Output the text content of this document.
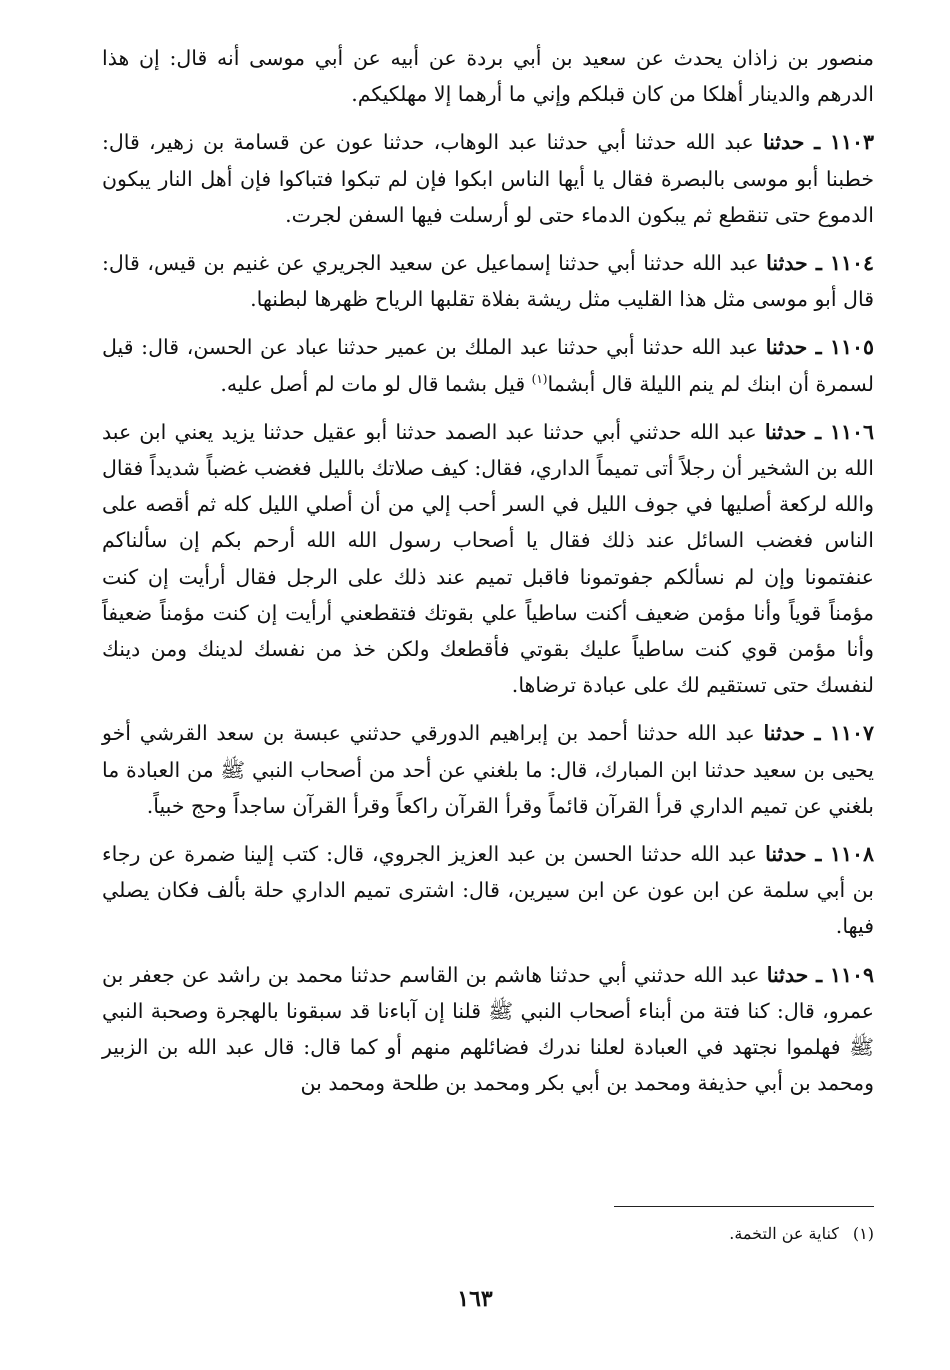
منصور بن زاذان يحدث عن سعيد بن أبي بردة عن أبيه عن أبي موسى أنه قال: إن هذا الدرهم والدينار أهلكا من كان قبلكم وإني ما أرهما إلا مهلكيكم.

١١٠٣ ـ حدثنا عبد الله حدثنا أبي حدثنا عبد الوهاب، حدثنا عون عن قسامة بن زهير، قال: خطبنا أبو موسى بالبصرة فقال يا أيها الناس ابكوا فإن لم تبكوا فتباكوا فإن أهل النار يبكون الدموع حتى تنقطع ثم يبكون الدماء حتى لو أرسلت فيها السفن لجرت.

١١٠٤ ـ حدثنا عبد الله حدثنا أبي حدثنا إسماعيل عن سعيد الجريري عن غنيم بن قيس، قال: قال أبو موسى مثل هذا القليب مثل ريشة بفلاة تقلبها الرياح ظهرها لبطنها.

١١٠٥ ـ حدثنا عبد الله حدثنا أبي حدثنا عبد الملك بن عمير حدثنا عباد عن الحسن، قال: قيل لسمرة أن ابنك لم ينم الليلة قال أبشما$^{(١)}$ قيل بشما قال لو مات لم أصل عليه.

١١٠٦ ـ حدثنا عبد الله حدثني أبي حدثنا عبد الصمد حدثنا أبو عقيل حدثنا يزيد يعني ابن عبد الله بن الشخير أن رجلاً أتى تميماً الداري، فقال: كيف صلاتك بالليل فغضب غضباً شديداً فقال والله لركعة أصليها في جوف الليل في السر أحب إلي من أن أصلي الليل كله ثم أقصه على الناس فغضب السائل عند ذلك فقال يا أصحاب رسول الله الله أرحم بكم إن سألناكم عنفتمونا وإن لم نسألكم جفوتمونا فاقبل تميم عند ذلك على الرجل فقال أرأيت إن كنت مؤمناً قوياً وأنا مؤمن ضعيف أكنت ساطياً علي بقوتك فتقطعني أرأيت إن كنت مؤمناً ضعيفاً وأنا مؤمن قوي كنت ساطياً عليك بقوتي فأقطعك ولكن خذ من نفسك لدينك ومن دينك لنفسك حتى تستقيم لك على عبادة ترضاها.

١١٠٧ ـ حدثنا عبد الله حدثنا أحمد بن إبراهيم الدورقي حدثني عبسة بن سعد القرشي أخو يحيى بن سعيد حدثنا ابن المبارك، قال: ما بلغني عن أحد من أصحاب النبي ﷺ من العبادة ما بلغني عن تميم الداري قرأ القرآن قائماً وقرأ القرآن راكعاً وقرأ القرآن ساجداً وحج خبياً.

١١٠٨ ـ حدثنا عبد الله حدثنا الحسن بن عبد العزيز الجروي، قال: كتب إلينا ضمرة عن رجاء بن أبي سلمة عن ابن عون عن ابن سيرين، قال: اشترى تميم الداري حلة بألف فكان يصلي فيها.

١١٠٩ ـ حدثنا عبد الله حدثني أبي حدثنا هاشم بن القاسم حدثنا محمد بن راشد عن جعفر بن عمرو، قال: كنا فتة من أبناء أصحاب النبي ﷺ قلنا إن آباءنا قد سبقونا بالهجرة وصحبة النبي ﷺ فهلموا نجتهد في العبادة لعلنا ندرك فضائلهم منهم أو كما قال: قال عبد الله بن الزبير ومحمد بن أبي حذيفة ومحمد بن أبي بكر ومحمد بن طلحة ومحمد بن

(١)كناية عن التخمة.
١٦٣
